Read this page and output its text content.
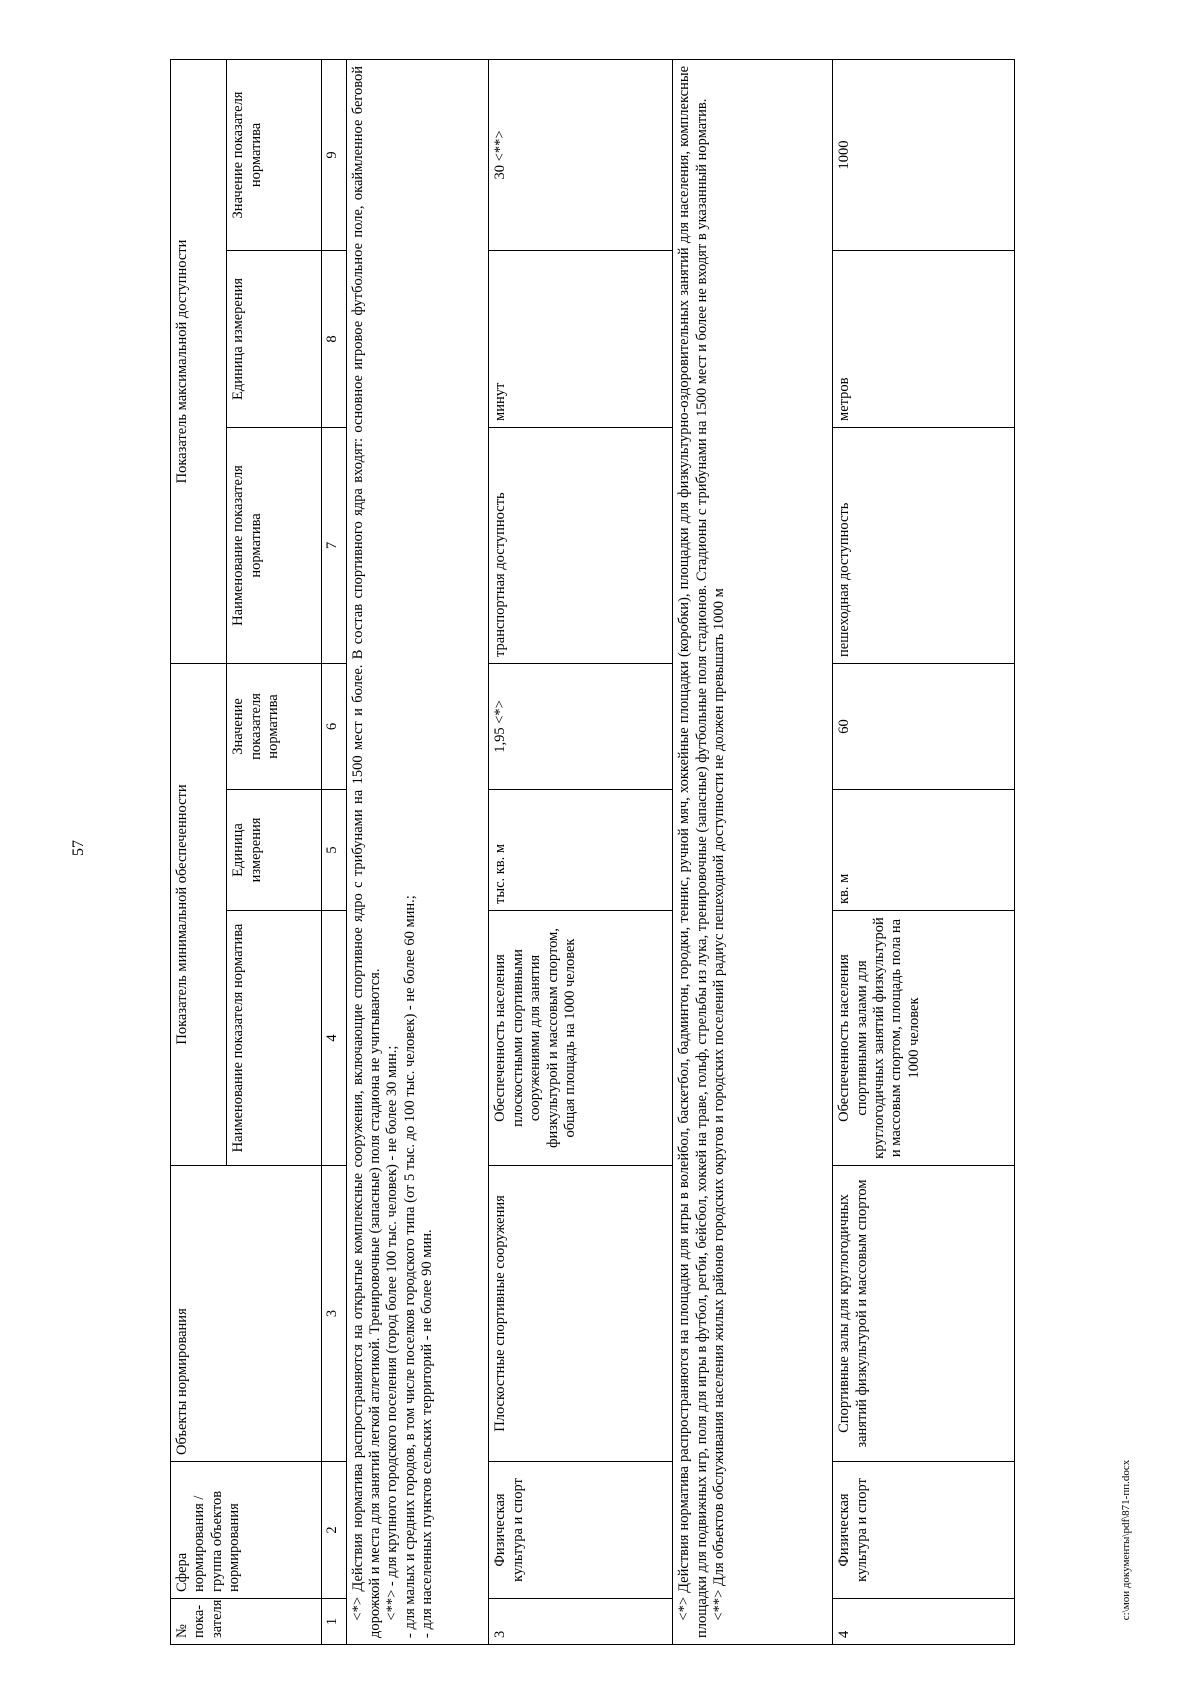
57
№ пока-зателя	Сфера нормирования / группа объектов нормирования	Объекты нормирования	Показатель минимальной обеспеченности			Показатель максимальной доступности		
			Наименование показателя норматива	Единица измерения	Значение показателя норматива	Наименование показателя норматива	Единица измерения	Значение показателя норматива
1	2	3	4	5	6	7	8	9

<*> Действия норматива распространяются на открытые комплексные сооружения, включающие спортивное ядро с трибунами на 1500 мест и более. В состав спортивного ядра входят: основное игровое футбольное поле, окаймленное беговой дорожкой и места для занятий легкой атлетикой. Тренировочные (запасные) поля стадиона не учитываются. <**> - для крупного городского поселения (город более 100 тыс. человек) - не более 30 мин.; - для малых и средних городов, в том числе поселков городского типа (от 5 тыс. до 100 тыс. человек) - не более 60 мин.; - для населенных пунктов сельских территорий - не более 90 мин.								

3	Физическая культура и спорт	Плоскостные спортивные сооружения	Обеспеченность населения плоскостными спортивными сооружениями для занятия физкультурой и массовым спортом, общая площадь на 1000 человек	тыс. кв. м	1,95 <*>	транспортная доступность	минут	30 <**>

<*> Действия норматива распространяются на площадки для игры в волейбол, баскетбол, бадминтон, городки, теннис, ручной мяч, хоккейные площадки (коробки), площадки для физкультурно-оздоровительных занятий для населения, комплексные площадки для подвижных игр, поля для игры в футбол, регби, бейсбол, хоккей на траве, гольф, стрельбы из лука, тренировочные (запасные) футбольные поля стадионов. Стадионы с трибунами на 1500 мест и более не входят в указанный норматив. <**> Для объектов обслуживания населения жилых районов городских округов и городских поселений радиус пешеходной доступности не должен превышать 1000 м								

4	Физическая культура и спорт	Спортивные залы для круглогодичных занятий физкультурой и массовым спортом	Обеспеченность населения спортивными залами для круглогодичных занятий физкультурой и массовым спортом, площадь пола на 1000 человек	кв. м	60	пешеходная доступность	метров	1000
c:\мои документы\pdf\871-пп.docx
